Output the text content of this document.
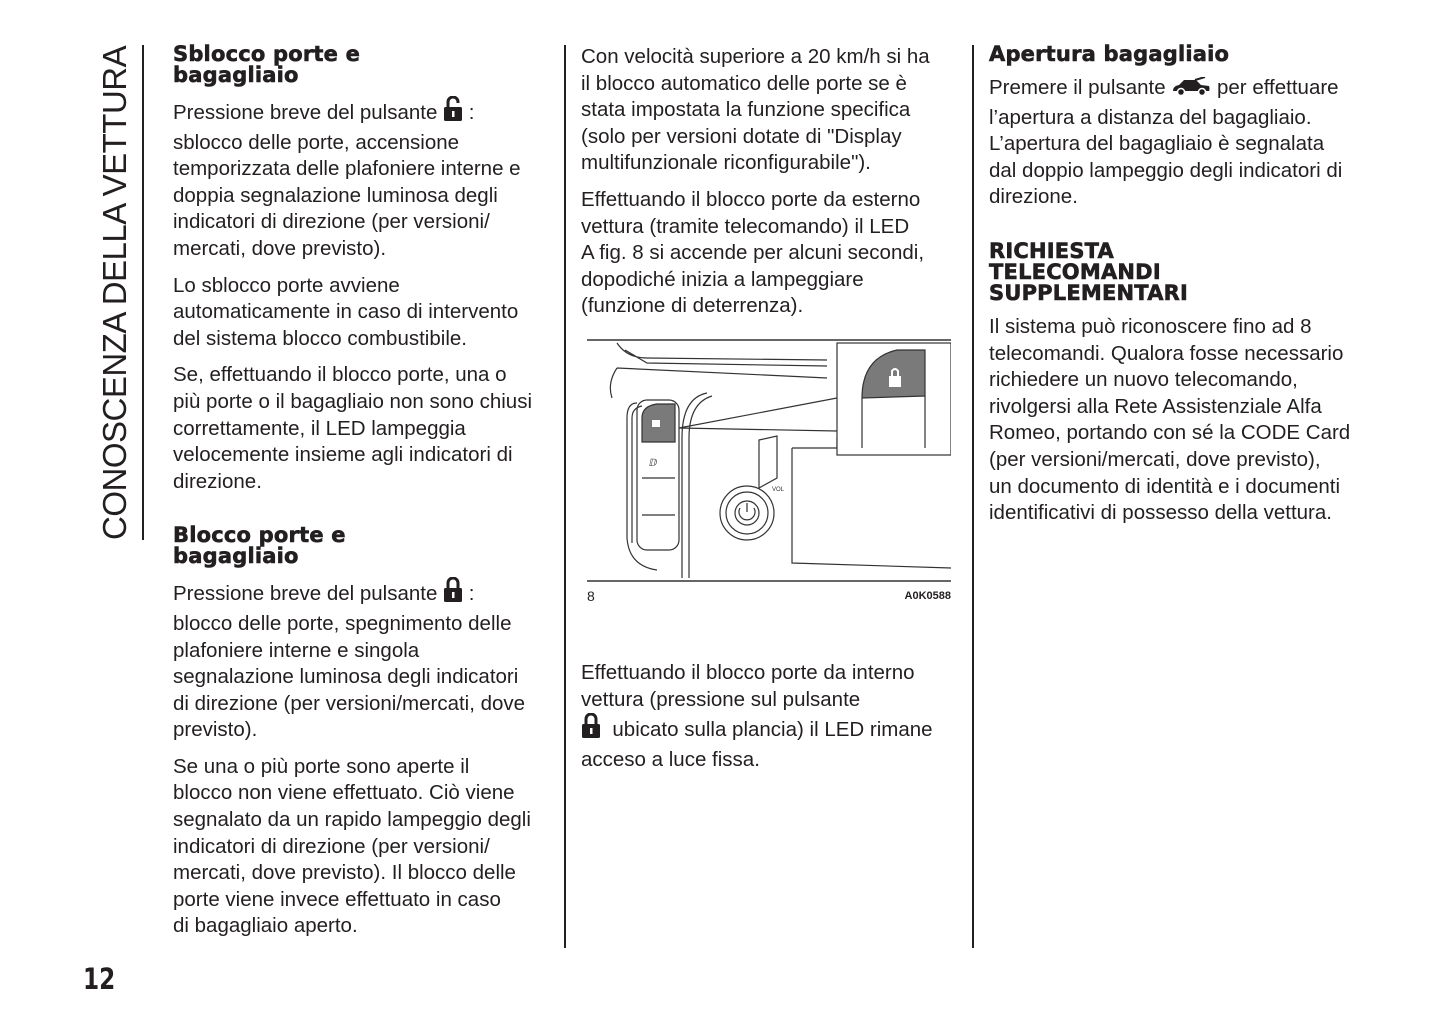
CONOSCENZA DELLA VETTURA Sblocco porte e
bagagliaio

Pressione breve del pulsante  :
sblocco delle porte, accensione
temporizzata delle plafoniere interne e
doppia segnalazione luminosa degli
indicatori di direzione (per versioni/
mercati, dove previsto).

Lo sblocco porte avviene
automaticamente in caso di intervento
del sistema blocco combustibile.

Se, effettuando il blocco porte, una o
più porte o il bagagliaio non sono chiusi
correttamente, il LED lampeggia
velocemente insieme agli indicatori di
direzione.

Blocco porte e
bagagliaio

Pressione breve del pulsante  :
blocco delle porte, spegnimento delle
plafoniere interne e singola
segnalazione luminosa degli indicatori
di direzione (per versioni/mercati, dove
previsto).

Se una o più porte sono aperte il
blocco non viene effettuato. Ciò viene
segnalato da un rapido lampeggio degli
indicatori di direzione (per versioni/
mercati, dove previsto). Il blocco delle
porte viene invece effettuato in caso
di bagagliaio aperto.

Con velocità superiore a 20 km/h si ha
il blocco automatico delle porte se è
stata impostata la funzione specifica
(solo per versioni dotate di "Display
multifunzionale riconfigurabile").

Effettuando il blocco porte da esterno
vettura (tramite telecomando) il LED
A fig. 8 si accende per alcuni secondi,
dopodiché inizia a lampeggiare
(funzione di deterrenza).

ⅅ
VOL
8	A0K0588

Effettuando il blocco porte da interno
vettura (pressione sul pulsante
ubicato sulla plancia) il LED rimane
acceso a luce fissa.

Apertura bagagliaio

Premere il pulsante  per effettuare
l’apertura a distanza del bagagliaio.
L’apertura del bagagliaio è segnalata
dal doppio lampeggio degli indicatori di
direzione.

RICHIESTA
TELECOMANDI
SUPPLEMENTARI

Il sistema può riconoscere fino ad 8
telecomandi. Qualora fosse necessario
richiedere un nuovo telecomando,
rivolgersi alla Rete Assistenziale Alfa
Romeo, portando con sé la CODE Card
(per versioni/mercati, dove previsto),
un documento di identità e i documenti
identificativi di possesso della vettura.

12
